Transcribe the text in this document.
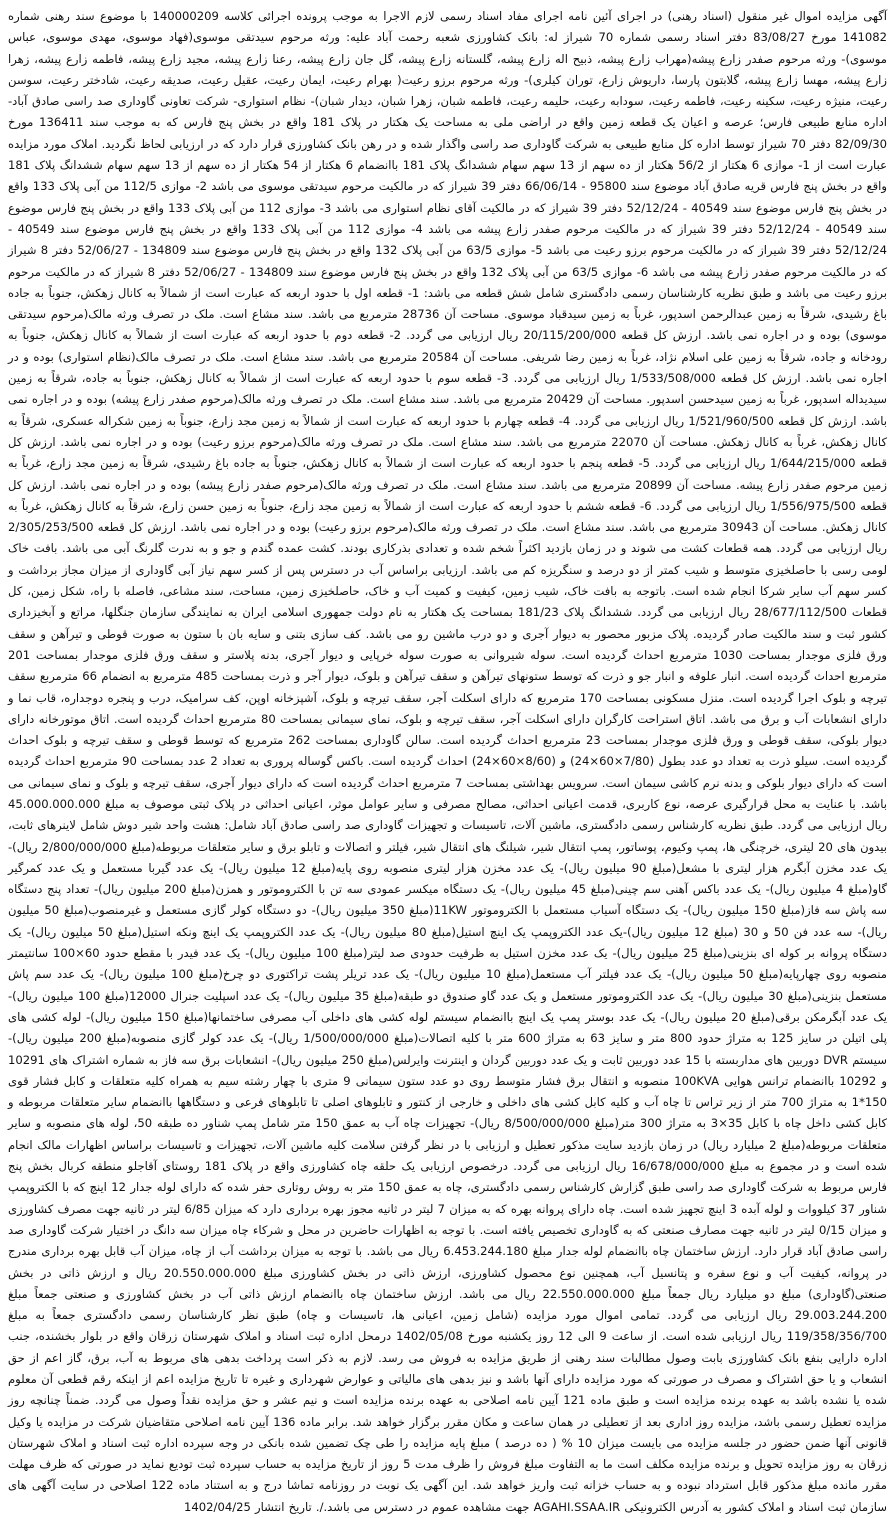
آگهی مزایده اموال غیر منقول (اسناد رهنی) در اجرای آئین نامه اجرای مفاد اسناد رسمی لازم الاجرا به موجب پرونده اجرائی کلاسه 140000209 با موضوع سند رهنی شماره 141082 مورخ 83/08/27 دفتر اسناد رسمی شماره 70 شیراز له: بانک کشاورزی شعبه رحمت آباد علیه: ورثه مرحوم سیدتقی موسوی(فهاد موسوی، مهدی موسوی، عباس موسوی)- ورثه مرحوم صفدر زارع پیشه(مهراب زارع پیشه، ذبیح اله زارع پیشه، گلستانه زارع پیشه، گل جان زارع پیشه، رعنا زارع پیشه، مجید زارع پیشه، فاطمه زارع پیشه، زهرا زارع پیشه، مهسا زارع پیشه، گلابتون پارسا، داریوش زارع، توران کیلری)- ورثه مرحوم برزو رعیت( بهرام رعیت، ایمان رعیت، عقیل رعیت، صدیقه رعیت، شادختر رعیت، سوسن رعیت، منیژه رعیت، سکینه رعیت، فاطمه رعیت، سودابه رعیت، حلیمه رعیت، فاطمه شبان، زهرا شبان، دیدار شبان)- نظام استواری- شرکت تعاونی گاوداری صد راسی صادق آباد- اداره منابع طبیعی فارس؛ عرصه و اعیان یک قطعه زمین واقع در اراضی ملی به مساحت یک هکتار در پلاک 181 واقع در بخش پنج فارس که به موجب سند 136411 مورخ 82/09/30 دفتر 70 شیراز توسط اداره کل منابع طبیعی به شرکت گاوداری صد راسی واگذار شده و در رهن بانک کشاورزی قرار دارد که در ارزیابی لحاظ نگردید. املاک مورد مزایده عبارت است از 1- موازی 6 هکتار از 56/2 هکتار از ده سهم از 13 سهم سهام ششدانگ پلاک 181 باانضمام 6 هکتار از 54 هکتار از ده سهم از 13 سهم سهام ششدانگ پلاک 181 واقع در بخش پنج فارس قریه صادق آباد موضوع سند 95800 - 66/06/14 دفتر 39 شیراز که در مالکیت مرحوم سیدتقی موسوی می باشد 2- موازی 112/5 من آبی پلاک 133 واقع در بخش پنج فارس موضوع سند 40549 - 52/12/24 دفتر 39 شیراز که در مالکیت آقای نظام استواری می باشد 3- موازی 112 من آبی پلاک 133 واقع در بخش پنج فارس موضوع سند 40549 - 52/12/24 دفتر 39 شیراز که در مالکیت مرحوم صفدر زارع پیشه می باشد 4- موازی 112 من آبی پلاک 133 واقع در بخش پنج فارس موضوع سند 40549 - 52/12/24 دفتر 39 شیراز که در مالکیت مرحوم برزو رعیت می باشد 5- موازی 63/5 من آبی پلاک 132 واقع در بخش پنج فارس موضوع سند 134809 - 52/06/27 دفتر 8 شیراز که در مالکیت مرحوم صفدر زارع پیشه می باشد 6- موازی 63/5 من آبی پلاک 132 واقع در بخش پنج فارس موضوع سند 134809 - 52/06/27 دفتر 8 شیراز که در مالکیت مرحوم برزو رعیت می باشد و طبق نظریه کارشناسان رسمی دادگستری شامل شش قطعه می باشد: 1- قطعه اول با حدود اربعه که عبارت است از شمالاً به کانال زهکش، جنوباً به جاده باغ رشیدی، شرقاً به زمین عبدالرحمن اسدپور، غرباً به زمین سیدقباد موسوی. مساحت آن 28736 مترمربع می باشد. سند مشاع است. ملک در تصرف ورثه مالک(مرحوم سیدتقی موسوی) بوده و در اجاره نمی باشد. ارزش کل قطعه 20/115/200/000 ریال ارزیابی می گردد. 2- قطعه دوم با حدود اربعه که عبارت است از شمالاً به کانال زهکش، جنوباً به رودخانه و جاده، شرقاً به زمین علی اسلام نژاد، غرباً به زمین رضا شریفی. مساحت آن 20584 مترمربع می باشد. سند مشاع است. ملک در تصرف مالک(نظام استواری) بوده و در اجاره نمی باشد. ارزش کل قطعه 1/533/508/000 ریال ارزیابی می گردد. 3- قطعه سوم با حدود اربعه که عبارت است از شمالاً به کانال زهکش، جنوباً به جاده، شرقاً به زمین سیدیداله اسدپور، غرباً به زمین سیدحسن اسدپور. مساحت آن 20429 مترمربع می باشد. سند مشاع است. ملک در تصرف ورثه مالک(مرحوم صفدر زارع پیشه) بوده و در اجاره نمی باشد. ارزش کل قطعه 1/521/960/500 ریال ارزیابی می گردد. 4- قطعه چهارم با حدود اربعه که عبارت است از شمالاً به زمین مجد زارع، جنوباً به زمین شکراله عسکری، شرقاً به کانال زهکش، غرباً به کانال زهکش. مساحت آن 22070 مترمربع می باشد. سند مشاع است. ملک در تصرف ورثه مالک(مرحوم برزو رعیت) بوده و در اجاره نمی باشد. ارزش کل قطعه 1/644/215/000 ریال ارزیابی می گردد. 5- قطعه پنجم با حدود اربعه که عبارت است از شمالاً به کانال زهکش، جنوباً به جاده باغ رشیدی، شرقاً به زمین مجد زارع، غرباً به زمین مرحوم صفدر زارع پیشه. مساحت آن 20899 مترمربع می باشد. سند مشاع است. ملک در تصرف ورثه مالک(مرحوم صفدر زارع پیشه) بوده و در اجاره نمی باشد. ارزش کل قطعه 1/556/975/500 ریال ارزیابی می گردد. 6- قطعه ششم با حدود اربعه که عبارت است از شمالاً به زمین مجد زارع، جنوباً به زمین حسن زارع، شرقاً به کانال زهکش، غرباً به کانال زهکش. مساحت آن 30943 مترمربع می باشد. سند مشاع است. ملک در تصرف ورثه مالک(مرحوم برزو رعیت) بوده و در اجاره نمی باشد. ارزش کل قطعه 2/305/253/500 ریال ارزیابی می گردد. همه قطعات کشت می شوند و در زمان بازدید اکثراً شخم شده و تعدادی بذرکاری بودند. کشت عمده گندم و جو و به ندرت گلرنگ آبی می باشد. بافت خاک لومی رسی با حاصلخیزی متوسط و شیب کمتر از دو درصد و سنگریزه کم می باشد. ارزیابی براساس آب در دسترس پس از کسر سهم نیاز آبی گاوداری از میزان مجاز برداشت و کسر سهم آب سایر شرکا انجام شده است. باتوجه به بافت خاک، شیب زمین، کیفیت و کمیت آب و خاک، حاصلخیزی زمین، مساحت، سند مشاعی، فاصله با راه، شکل زمین، کل قطعات 28/677/112/500 ریال ارزیابی می گردد. ششدانگ پلاک 181/23 بمساحت یک هکتار به نام دولت جمهوری اسلامی ایران به نمایندگی سازمان جنگلها، مراتع و آبخیزداری کشور ثبت و سند مالکیت صادر گردیده. پلاک مزبور محصور به دیوار آجری و دو درب ماشین رو می باشد. کف سازی بتنی و سایه بان با ستون به صورت قوطی و تیرآهن و سقف ورق فلزی موجدار بمساحت 1030 مترمربع احداث گردیده است. سوله شیروانی به صورت سوله خرپایی و دیوار آجری، بدنه پلاستر و سقف ورق فلزی موجدار بمساحت 201 مترمربع احداث گردیده است. انبار علوفه و انبار جو و ذرت که توسط ستونهای تیرآهن و سقف تیرآهن و بلوک، دیوار آجر و ذرت بمساحت 485 مترمربع به انضمام 66 مترمربع سقف تیرچه و بلوک اجرا گردیده است. منزل مسکونی بمساحت 170 مترمربع که دارای اسکلت آجر، سقف تیرچه و بلوک، آشپزخانه اوپن، کف سرامیک، درب و پنجره دوجداره، قاب نما و دارای انشعابات آب و برق می باشد. اتاق استراحت کارگران دارای اسکلت آجر، سقف تیرچه و بلوک، نمای سیمانی بمساحت 80 مترمربع احداث گردیده است. اتاق موتورخانه دارای دیوار بلوکی، سقف قوطی و ورق فلزی موجدار بمساحت 23 مترمربع احداث گردیده است. سالن گاوداری بمساحت 262 مترمربع که توسط قوطی و سقف تیرچه و بلوک احداث گردیده است. سیلو ذرت به تعداد دو عدد بطول (7/80×60×24) و (8/60×60×24) احداث گردیده است. باکس گوساله پروری به تعداد 2 عدد بمساحت 90 مترمربع احداث گردیده است که دارای دیوار بلوکی و بدنه نرم کاشی سیمان است. سرویس بهداشتی بمساحت 7 مترمربع احداث گردیده است که دارای دیوار آجری، سقف تیرچه و بلوک و نمای سیمانی می باشد. با عنایت به محل قرارگیری عرصه، نوع کاربری، قدمت اعیانی احداثی، مصالح مصرفی و سایر عوامل موثر، اعیانی احداثی در پلاک ثبتی موصوف به مبلغ 45.000.000.000 ریال ارزیابی می گردد. طبق نظریه کارشناس رسمی دادگستری، ماشین آلات، تاسیسات و تجهیزات گاوداری صد راسی صادق آباد شامل: هشت واحد شیر دوش شامل لاینرهای ثابت، بیدون های 20 لیتری، خرچنگی ها، پمپ وکیوم، پوساتور، پمپ انتقال شیر، شیلنگ های انتقال شیر، فیلتر و اتصالات و تابلو برق و سایر متعلقات مربوطه(مبلغ 2/800/000/000 ریال)- یک عدد مخزن آبگرم هزار لیتری با مشعل(مبلغ 90 میلیون ریال)- یک عدد مخزن هزار لیتری منصوبه روی پایه(مبلغ 12 میلیون ریال)- یک عدد گیربا مستعمل و یک عدد کمرگیر گاو(مبلغ 4 میلیون ریال)- یک عدد باکس آهنی سم چینی(مبلغ 45 میلیون ریال)- یک دستگاه میکسر عمودی سه تن با الکتروموتور و همزن(مبلغ 200 میلیون ریال)- تعداد پنج دستگاه سه پاش سه فاز(مبلغ 150 میلیون ریال)- یک دستگاه آسیاب مستعمل با الکتروموتور 11KW(مبلغ 350 میلیون ریال)- دو دستگاه کولر گازی مستعمل و غیرمنصوب(مبلغ 50 میلیون ریال)- سه عدد فن 50 و 30 (مبلغ 12 میلیون ریال)-یک عدد الکتروپمپ یک اینچ استیل(مبلغ 80 میلیون ریال)- یک عدد الکتروپمپ یک اینچ ونکه استیل(مبلغ 50 میلیون ریال)- یک دستگاه پروانه بر کوله ای بنزینی(مبلغ 25 میلیون ریال)- یک عدد مخزن استیل به ظرفیت حدودی صد لیتر(مبلغ 100 میلیون ریال)- یک عدد فیدر با مقطع حدود 60×100 سانتیمتر منصوبه روی چهارپایه(مبلغ 50 میلیون ریال)- یک عدد فیلتر آب مستعمل(مبلغ 10 میلیون ریال)- یک عدد تریلر پشت تراکتوری دو چرخ(مبلغ 100 میلیون ریال)- یک عدد سم پاش مستعمل بنزینی(مبلغ 30 میلیون ریال)- یک عدد الکتروموتور مستعمل و یک عدد گاو صندوق دو طبقه(مبلغ 35 میلیون ریال)- یک عدد اسپلیت جنرال 12000(مبلغ 100 میلیون ریال)- یک عدد آبگرمکن برقی(مبلغ 20 میلیون ریال)- یک عدد بوستر پمپ یک اینچ باانضمام سیستم لوله کشی های داخلی آب مصرفی ساختمانها(مبلغ 150 میلیون ریال)- لوله کشی های پلی اتیلن در سایز 125 به متراژ حدود 800 متر و سایز 63 به متراژ 600 متر با کلیه اتصالات(مبلغ 1/500/000/000 ریال)- یک عدد کولر گازی منصوبه(مبلغ 200 میلیون ریال)- سیستم DVR دوربین های مداربسته با 15 عدد دوربین ثابت و یک عدد دوربین گردان و اینترنت وایرلس(مبلغ 250 میلیون ریال)- انشعابات برق سه فاز به شماره اشتراک های 10291 و 10292 باانضمام ترانس هوایی 100KVA منصوبه و انتقال برق فشار متوسط روی دو عدد ستون سیمانی 9 متری با چهار رشته سیم به همراه کلیه متعلقات و کابل فشار قوی 150*1 به متراژ 700 متر از زیر تراس تا چاه آب و کلیه کابل کشی های داخلی و خارجی از کنتور و تابلوهای اصلی تا تابلوهای فرعی و دستگاهها باانضمام سایر متعلقات مربوطه و کابل کشی داخل چاه با کابل 35×3 به متراژ 300 متر(مبلغ 8/500/000/000 ریال)- تجهیزات چاه آب به عمق 150 متر شامل پمپ شناور ده طبقه 50، لوله های منصوبه و سایر متعلقات مربوطه(مبلغ 2 میلیارد ریال) در زمان بازدید سایت مذکور تعطیل و ارزیابی با در نظر گرفتن سلامت کلیه ماشین آلات، تجهیزات و تاسیسات براساس اظهارات مالک انجام شده است و در مجموع به مبلغ 16/678/000/000 ریال ارزیابی می گردد. درخصوص ارزیابی یک حلقه چاه کشاورزی واقع در پلاک 181 روستای آقاجلو منطقه کربال بخش پنج فارس مربوط به شرکت گاوداری صد راسی طبق گزارش کارشناس رسمی دادگستری، چاه به عمق 150 متر به روش روتاری حفر شده که دارای لوله جدار 12 اینچ که با الکتروپمپ شناور 37 کیلووات و لوله آبده 3 اینچ تجهیز شده است. چاه دارای پروانه بهره که به میزان 7 لیتر در ثانیه مجوز بهره برداری دارد که میزان 6/85 لیتر در ثانیه جهت مصرف کشاورزی و میزان 0/15 لیتر در ثانیه جهت مصارف صنعتی که به گاوداری تخصیص یافته است. با توجه به اظهارات حاضرین در محل و شرکاء چاه میزان سه دانگ در اختیار شرکت گاوداری صد راسی صادق آباد قرار دارد. ارزش ساختمان چاه باانضمام لوله جدار مبلغ 6.453.244.180 ریال می باشد. با توجه به میزان برداشت آب از چاه، میزان آب قابل بهره برداری مندرج در پروانه، کیفیت آب و نوع سفره و پتانسیل آب، همچنین نوع محصول کشاورزی، ارزش ذاتی در بخش کشاورزی مبلغ 20.550.000.000 ریال و ارزش ذاتی در بخش صنعتی(گاوداری) مبلغ دو میلیارد ریال جمعاً مبلغ 22.550.000.000 ریال می باشد. ارزش ساختمان چاه باانضمام ارزش ذاتی آب در بخش کشاورزی و صنعتی جمعاً مبلغ 29.003.244.200 ریال ارزیابی می گردد. تمامی اموال مورد مزایده (شامل زمین، اعیانی ها، تاسیسات و چاه) طبق نظر کارشناسان رسمی دادگستری جمعاً به مبلغ 119/358/356/700 ریال ارزیابی شده است. از ساعت 9 الی 12 روز یکشنبه مورخ 1402/05/08 درمحل اداره ثبت اسناد و املاک شهرستان زرقان واقع در بلوار بخشنده، جنب اداره دارایی بنفع بانک کشاورزی بابت وصول مطالبات سند رهنی از طریق مزایده به فروش می رسد. لازم به ذکر است پرداخت بدهی های مربوط به آب، برق، گاز اعم از حق انشعاب و یا حق اشتراک و مصرف در صورتی که مورد مزایده دارای آنها باشد و نیز بدهی های مالیاتی و عوارض شهرداری و غیره تا تاریخ مزایده اعم از اینکه رقم قطعی آن معلوم شده یا نشده باشد به عهده برنده مزایده است و طبق ماده 121 آیین نامه اصلاحی به عهده برنده مزایده است و نیم عشر و حق مزایده نقداً وصول می گردد. ضمناً چنانچه روز مزایده تعطیل رسمی باشد، مزایده روز اداری بعد از تعطیلی در همان ساعت و مکان مقرر برگزار خواهد شد. برابر ماده 136 آیین نامه اصلاحی متقاضیان شرکت در مزایده یا وکیل قانونی آنها ضمن حضور در جلسه مزایده می بایست میزان 10 % ( ده درصد ) مبلغ پایه مزایده را طی چک تضمین شده بانکی در وجه سپرده اداره ثبت اسناد و املاک شهرستان زرقان به روز مزایده تحویل و برنده مزایده مکلف است ما به التفاوت مبلغ فروش را ظرف مدت 5 روز از تاریخ مزایده به حساب سپرده ثبت تودیع نماید در صورتی که ظرف مهلت مقرر مانده مبلغ مذکور قابل استرداد نبوده و به حساب خزانه ثبت واریز خواهد شد. این آگهی یک نوبت در روزنامه تماشا درج و به استناد ماده 122 اصلاحی در سایت آگهی های سازمان ثبت اسناد و املاک کشور به آدرس الکترونیکی AGAHI.SSAA.IR جهت مشاهده عموم در دسترس می باشد./. تاریخ انتشار 1402/04/25
